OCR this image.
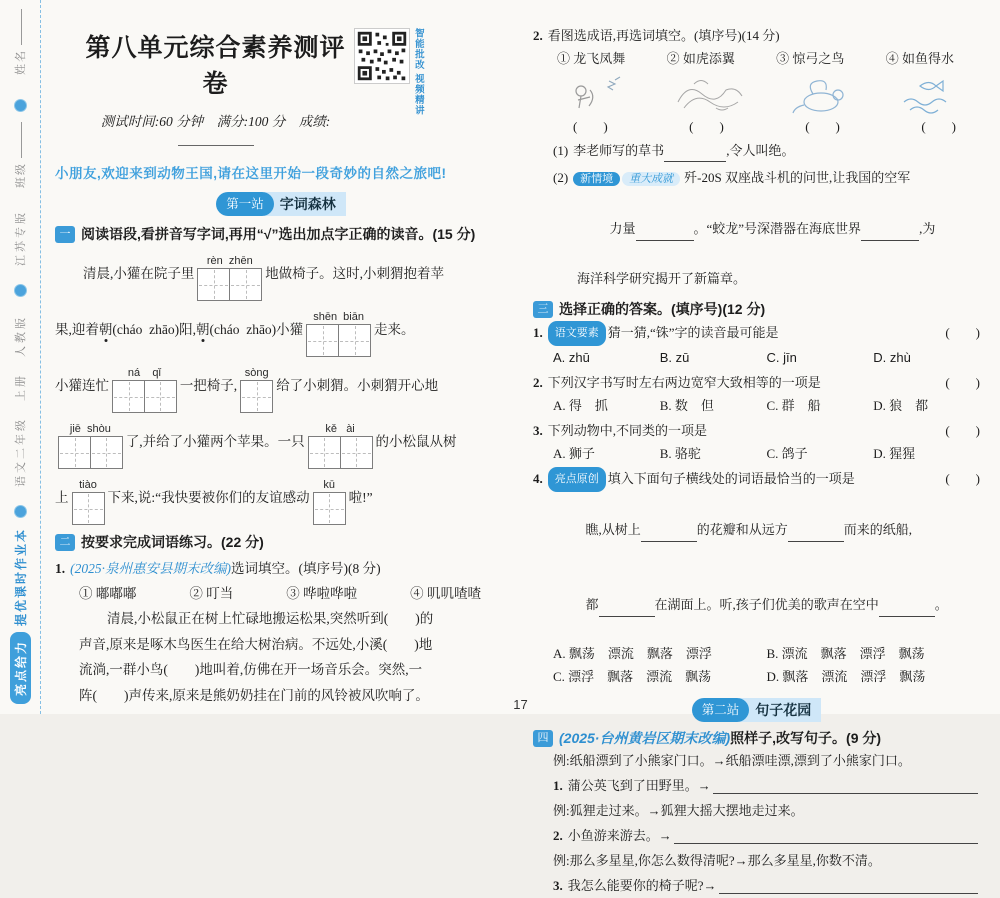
亮点给力
提优课时作业本
语文二年级
上册
人教版
江苏专版
班级
姓名 第八单元综合素养测评卷
测试时间:60 分钟　满分:100 分　成绩:
智能批改 视频精讲
小朋友,欢迎来到动物王国,请在这里开始一段奇妙的自然之旅吧!
第一站	字词森林
一 阅读语段,看拼音写字词,再用“√”选出加点字正确的读音。(15 分)
清晨,小獾在院子里
rèn  zhēn
地做椅子。这时,小刺猬抱着苹
果,迎着 朝 (cháo  zhāo)阳, 朝 (cháo  zhāo)小獾
shēn  biān
走来。
小獾连忙
ná    qǐ
一把椅子,
sòng
给了小刺猬。小刺猬开心地
jiē  shòu
了,并给了小獾两个苹果。一只
kě   ài
的小松鼠从树
上
tiào
下来,说:“我快要被你们的友谊感动
kū
啦!”
二 按要求完成词语练习。(22 分)
1. (2025·泉州惠安县期末改编)选词填空。(填序号)(8 分)
① 嘟嘟嘟	② 叮当	③ 哗啦哗啦	④ 叽叽喳喳
清晨,小松鼠正在树上忙碌地搬运松果,突然听到(　　)的
声音,原来是啄木鸟医生在给大树治病。不远处,小溪(　　)地
流淌,一群小鸟(　　)地叫着,仿佛在开一场音乐会。突然,一
阵(　　)声传来,原来是熊奶奶挂在门前的风铃被风吹响了。
2. 看图选成语,再选词填空。(填序号)(14 分)
① 龙飞凤舞	② 如虎添翼	③ 惊弓之鸟	④ 如鱼得水
(　　)	(　　)	(　　)	(　　)
(1) 李老师写的草书	,令人叫绝。
(2)	新情境 重大成就 歼-20S 双座战斗机的问世,让我国的空军

力量	。“蛟龙”号深潜器在海底世界	,为

海洋科学研究揭开了新篇章。
三 选择正确的答案。(填序号)(12 分)
1.	语文要素 猜一猜,“铢”字的读音最可能是	(　　)
A. zhū	B. zū	C. jīn	D. zhù
2. 下列汉字书写时左右两边宽窄大致相等的一项是	(　　)
A. 得　抓	B. 数　但	C. 群　船	D. 狼　都
3. 下列动物中,不同类的一项是	(　　)
A. 狮子	B. 骆驼	C. 鸽子	D. 猩猩
4.	亮点原创 填入下面句子横线处的词语最恰当的一项是	(　　)

瞧,从树上	的花瓣和从远方	而来的纸船,

都	在湖面上。听,孩子们优美的歌声在空中	。

A. 飘荡　漂流　飘落　漂浮	B. 漂流　飘落　漂浮　飘荡
C. 漂浮　飘落　漂流　飘荡	D. 飘落　漂流　漂浮　飘荡
第二站	句子花园
四 (2025·台州黄岩区期末改编)照样子,改写句子。(9 分)
例:纸船漂到了小熊家门口。→纸船漂哇漂,漂到了小熊家门口。
1. 蒲公英飞到了田野里。→
例:狐狸走过来。→狐狸大摇大摆地走过来。
2. 小鱼游来游去。→
例:那么多星星,你怎么数得清呢?→那么多星星,你数不清。
3. 我怎么能要你的椅子呢?→
17
